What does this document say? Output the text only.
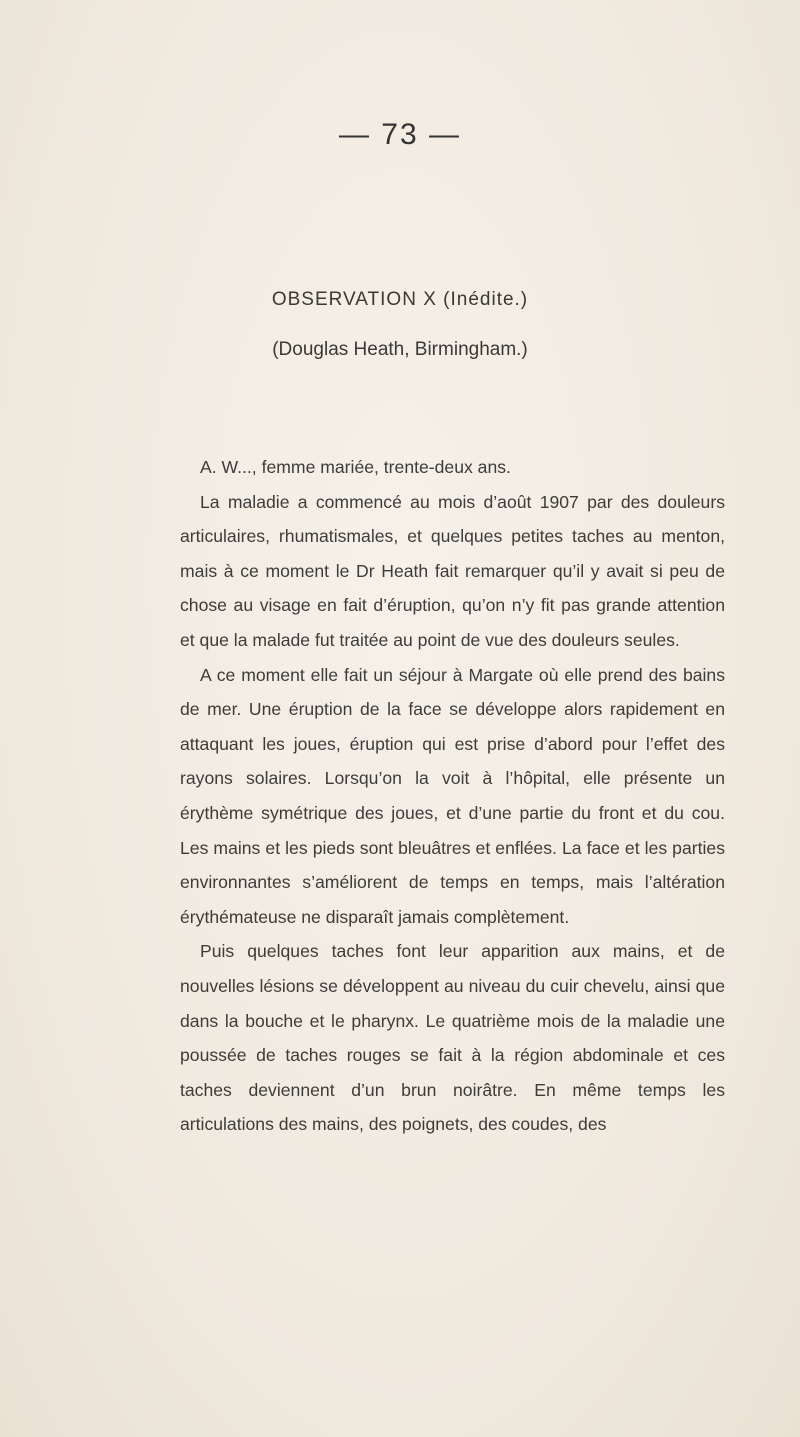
— 73 —
OBSERVATION X (Inédite.)
(Douglas Heath, Birmingham.)

A. W..., femme mariée, trente-deux ans.

La maladie a commencé au mois d’août 1907 par des douleurs articulaires, rhumatismales, et quelques petites taches au menton, mais à ce moment le Dr Heath fait remarquer qu’il y avait si peu de chose au visage en fait d’éruption, qu’on n’y fit pas grande attention et que la malade fut traitée au point de vue des douleurs seules.

A ce moment elle fait un séjour à Margate où elle prend des bains de mer. Une éruption de la face se développe alors rapidement en attaquant les joues, éruption qui est prise d’abord pour l’effet des rayons solaires. Lorsqu’on la voit à l’hôpital, elle présente un érythème symétrique des joues, et d’une partie du front et du cou. Les mains et les pieds sont bleuâtres et enflées. La face et les parties environnantes s’améliorent de temps en temps, mais l’altération érythémateuse ne disparaît jamais complètement.

Puis quelques taches font leur apparition aux mains, et de nouvelles lésions se développent au niveau du cuir chevelu, ainsi que dans la bouche et le pharynx. Le quatrième mois de la maladie une poussée de taches rouges se fait à la région abdominale et ces taches deviennent d’un brun noirâtre. En même temps les articulations des mains, des poignets, des coudes, des
